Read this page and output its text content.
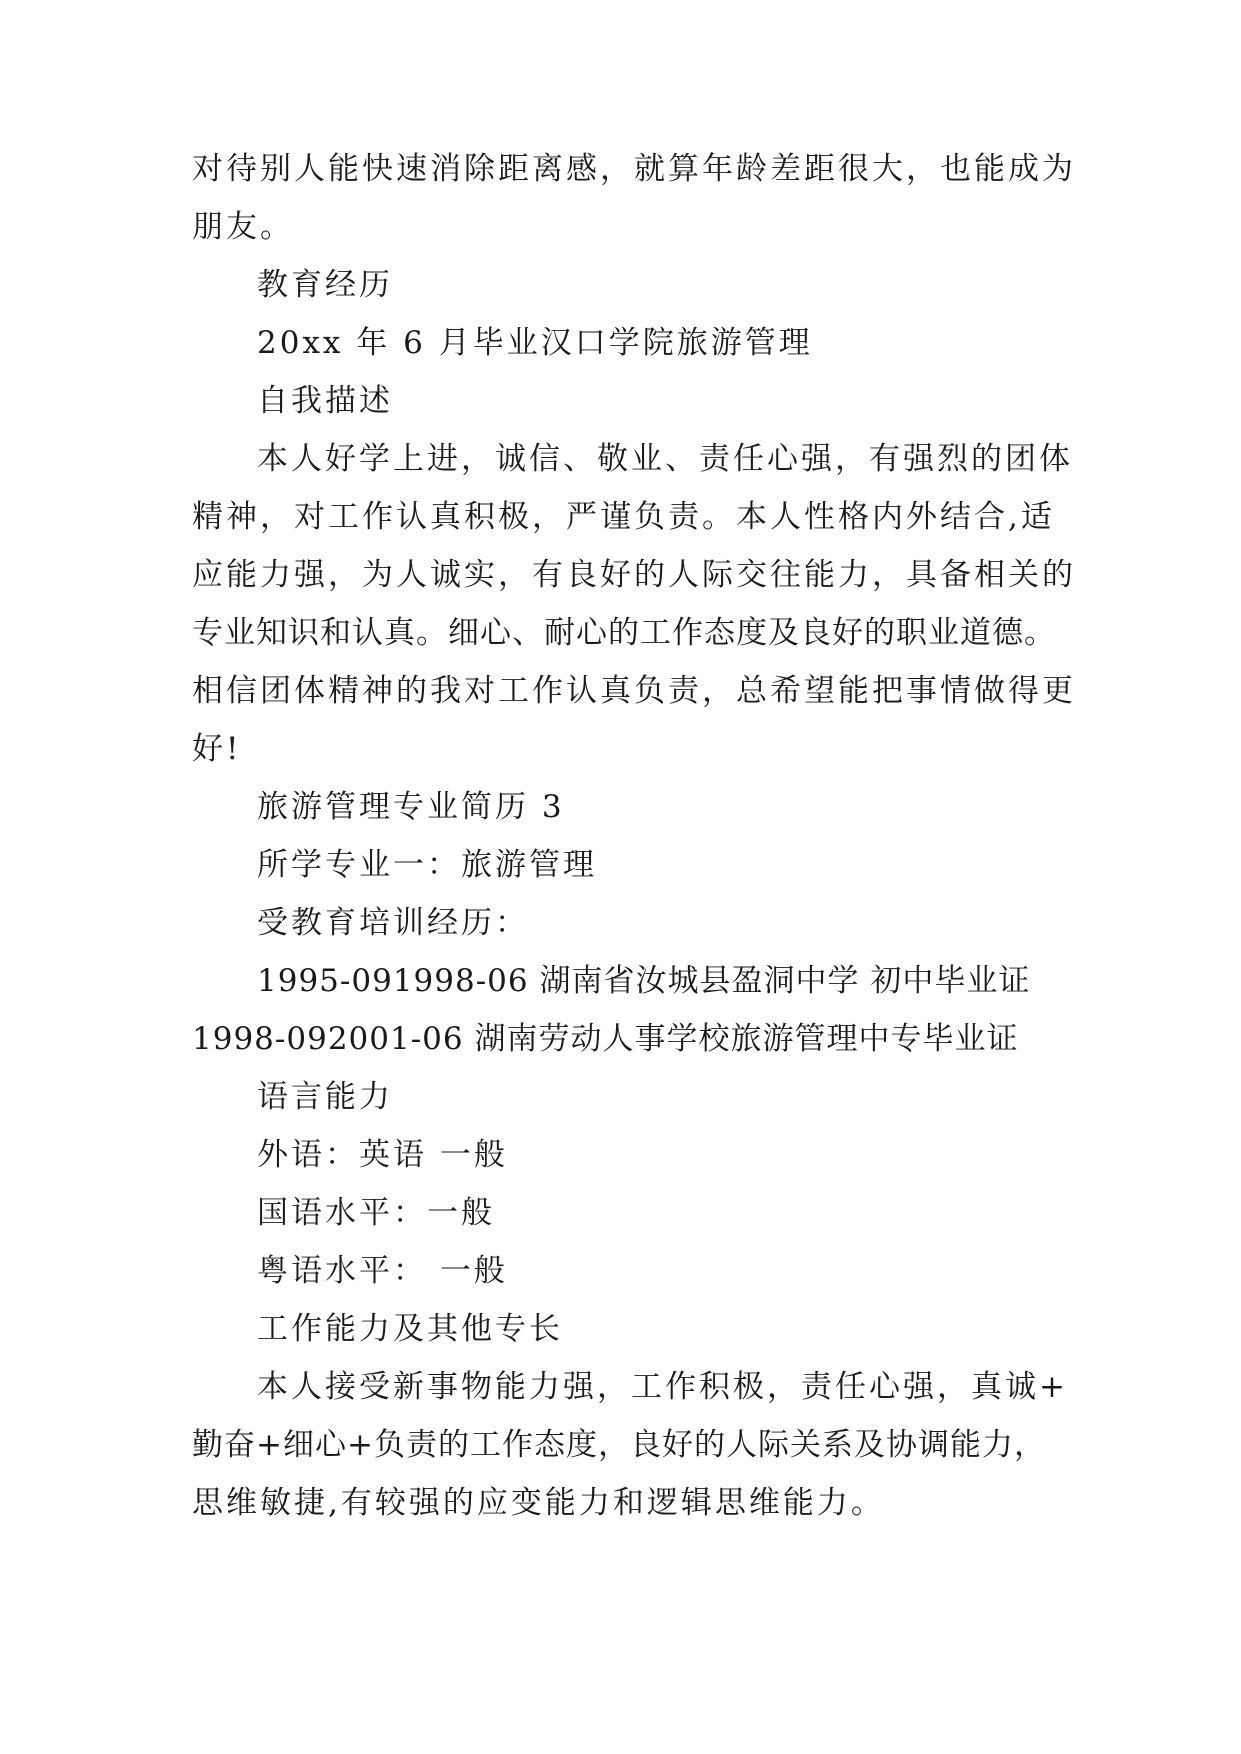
对待别人能快速消除距离感，就算年龄差距很大，也能成为
朋友。
教育经历
20xx 年 6 月毕业汉口学院旅游管理
自我描述
本人好学上进，诚信、敬业、责任心强，有强烈的团体
精神，对工作认真积极，严谨负责。本人性格内外结合,适
应能力强，为人诚实，有良好的人际交往能力，具备相关的
专业知识和认真。细心、耐心的工作态度及良好的职业道德。
相信团体精神的我对工作认真负责，总希望能把事情做得更
好!
旅游管理专业简历 3
所学专业一：旅游管理
受教育培训经历：
1995-091998-06 湖南省汝城县盈洞中学 初中毕业证
1998-092001-06 湖南劳动人事学校旅游管理中专毕业证
语言能力
外语：英语 一般
国语水平：一般
粤语水平： 一般
工作能力及其他专长
本人接受新事物能力强，工作积极，责任心强，真诚+
勤奋+细心+负责的工作态度，良好的人际关系及协调能力，
思维敏捷,有较强的应变能力和逻辑思维能力。
